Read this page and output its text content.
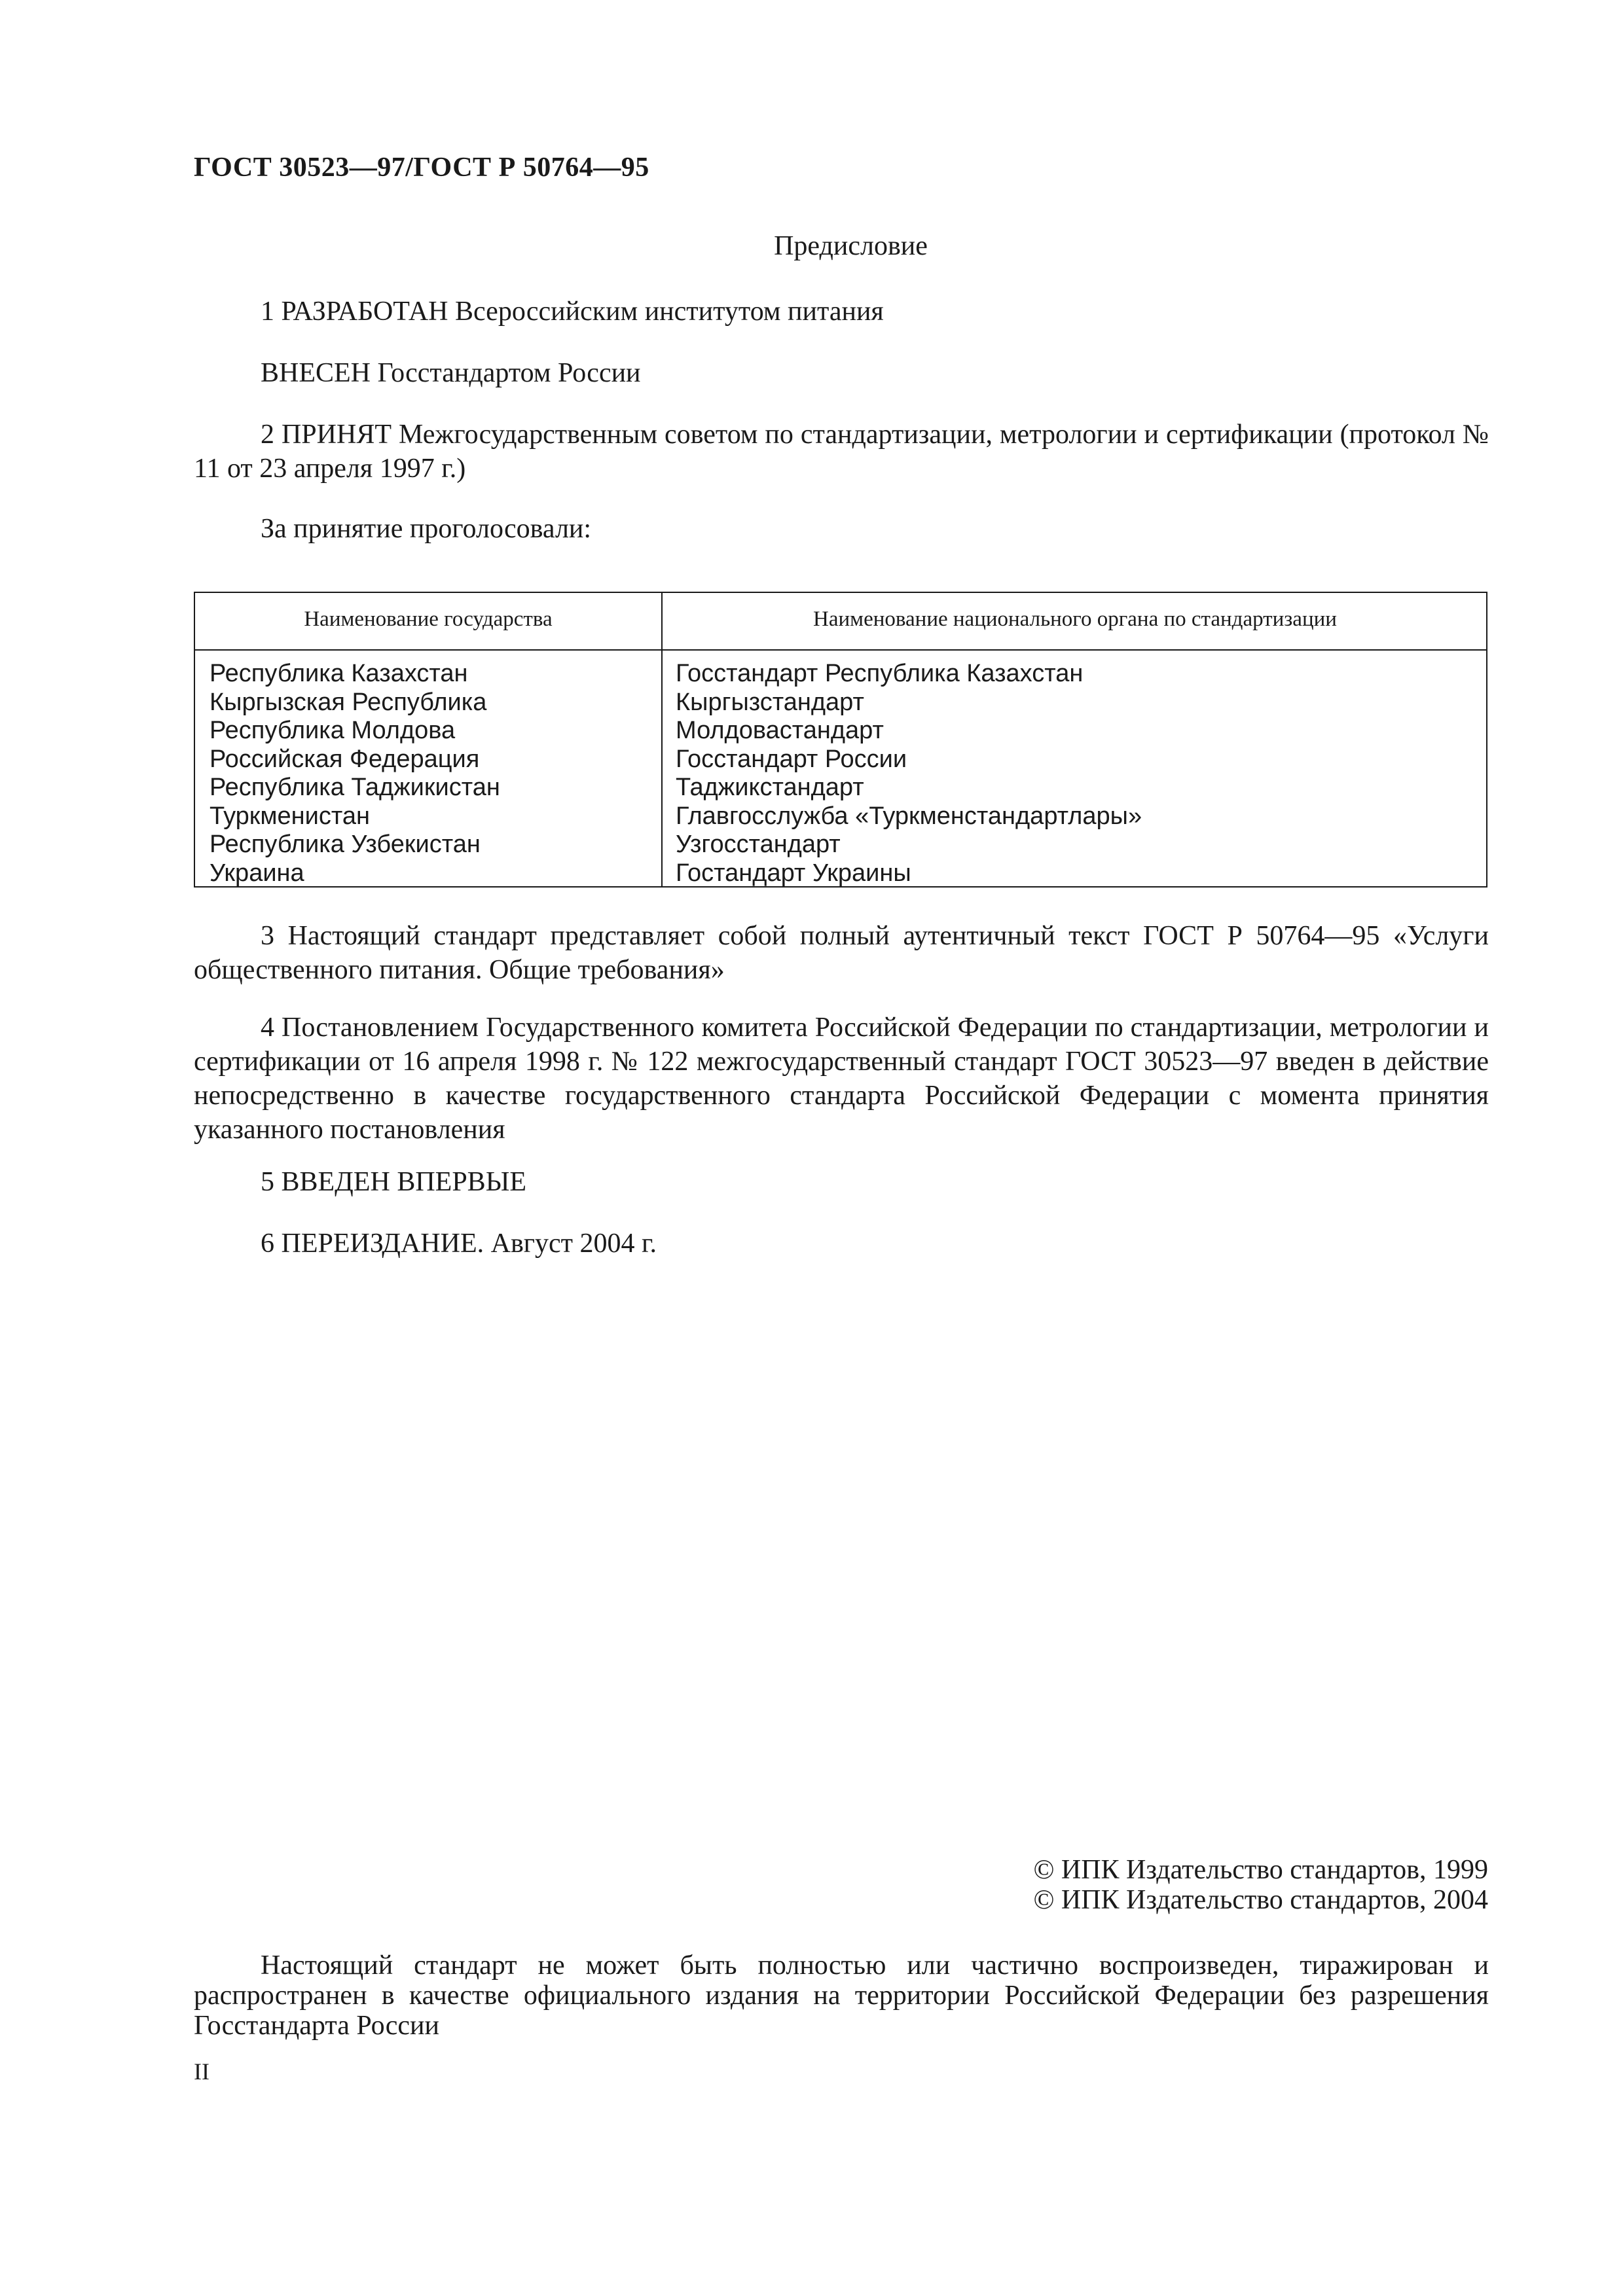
ГОСТ 30523—97/ГОСТ Р 50764—95
Предисловие
1 РАЗРАБОТАН Всероссийским институтом питания
ВНЕСЕН Госстандартом России
2 ПРИНЯТ Межгосударственным советом по стандартизации, метрологии и сертификации (протокол № 11 от 23 апреля 1997 г.)
За принятие проголосовали:
Наименование государства	Наименование национального органа по стандартизации
Республика Казахстан
Кыргызская Республика
Республика Молдова
Российская Федерация
Республика Таджикистан
Туркменистан
Республика Узбекистан
Украина
Госстандарт Республика Казахстан
Кыргызстандарт
Молдовастандарт
Госстандарт России
Таджикстандарт
Главгосслужба «Туркменстандартлары»
Узгосстандарт
Гостандарт Украины
3 Настоящий стандарт представляет собой полный аутентичный текст ГОСТ Р 50764—95 «Услуги общественного питания. Общие требования»
4 Постановлением Государственного комитета Российской Федерации по стандартизации, метрологии и сертификации от 16 апреля 1998 г. № 122 межгосударственный стандарт ГОСТ 30523—97 введен в действие непосредственно в качестве государственного стандарта Российской Федерации с момента принятия указанного постановления
5 ВВЕДЕН ВПЕРВЫЕ
6 ПЕРЕИЗДАНИЕ. Август 2004 г.
© ИПК Издательство стандартов, 1999
© ИПК Издательство стандартов, 2004
Настоящий стандарт не может быть полностью или частично воспроизведен, тиражирован и распространен в качестве официального издания на территории Российской Федерации без разрешения Госстандарта России
II
